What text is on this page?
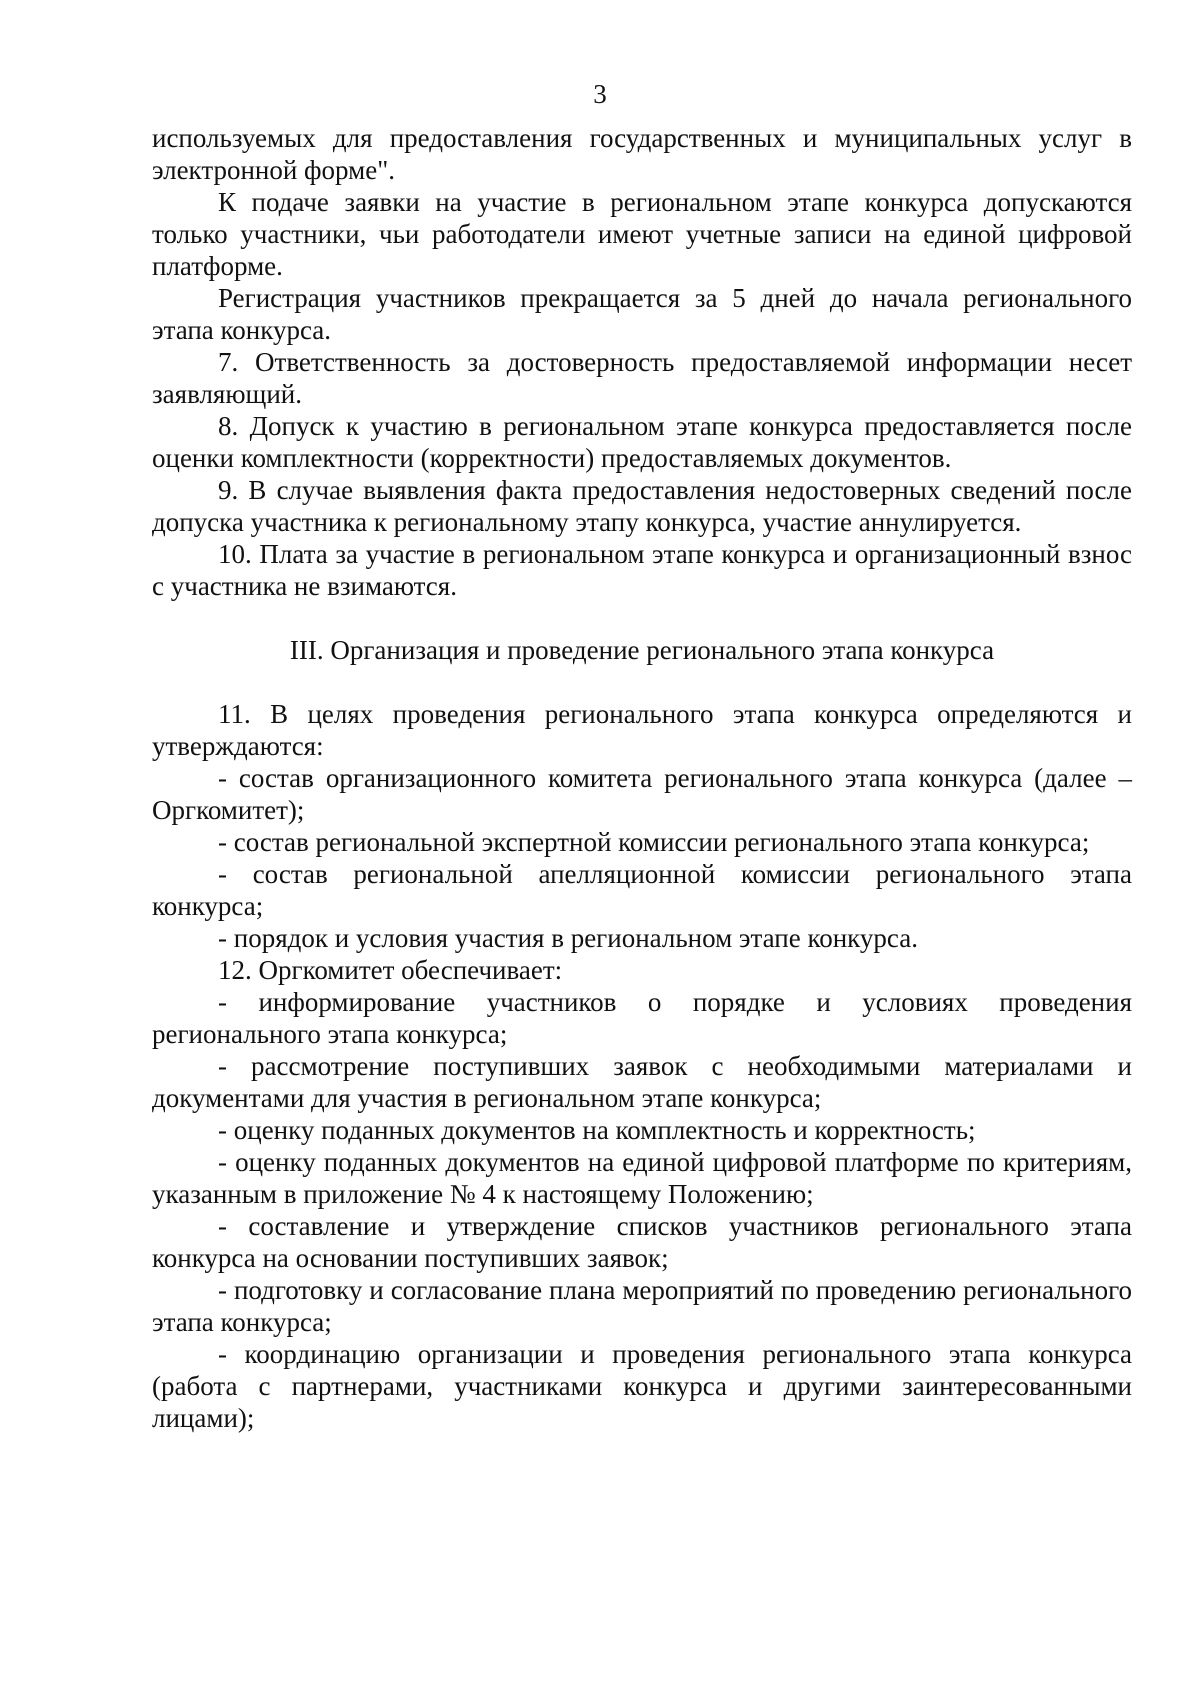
3

используемых для предоставления государственных и муниципальных услуг в электронной форме".

К подаче заявки на участие в региональном этапе конкурса допускаются только участники, чьи работодатели имеют учетные записи на единой цифровой платформе.

Регистрация участников прекращается за 5 дней до начала регионального этапа конкурса.

7. Ответственность за достоверность предоставляемой информации несет заявляющий.

8. Допуск к участию в региональном этапе конкурса предоставляется после оценки комплектности (корректности) предоставляемых документов.

9. В случае выявления факта предоставления недостоверных сведений после допуска участника к региональному этапу конкурса, участие аннулируется.

10. Плата за участие в региональном этапе конкурса и организационный взнос с участника не взимаются.

III. Организация и проведение регионального этапа конкурса

11. В целях проведения регионального этапа конкурса определяются и утверждаются:

- состав организационного комитета регионального этапа конкурса (далее – Оргкомитет);

- состав региональной экспертной комиссии регионального этапа конкурса;

- состав региональной апелляционной комиссии регионального этапа конкурса;

- порядок и условия участия в региональном этапе конкурса.

12. Оргкомитет обеспечивает:

- информирование участников о порядке и условиях проведения регионального этапа конкурса;

- рассмотрение поступивших заявок с необходимыми материалами и документами для участия в региональном этапе конкурса;

- оценку поданных документов на комплектность и корректность;

- оценку поданных документов на единой цифровой платформе по критериям, указанным в приложение № 4 к настоящему Положению;

- составление и утверждение списков участников регионального этапа конкурса на основании поступивших заявок;

- подготовку и согласование плана мероприятий по проведению регионального этапа конкурса;

- координацию организации и проведения регионального этапа конкурса (работа с партнерами, участниками конкурса и другими заинтересованными лицами);
